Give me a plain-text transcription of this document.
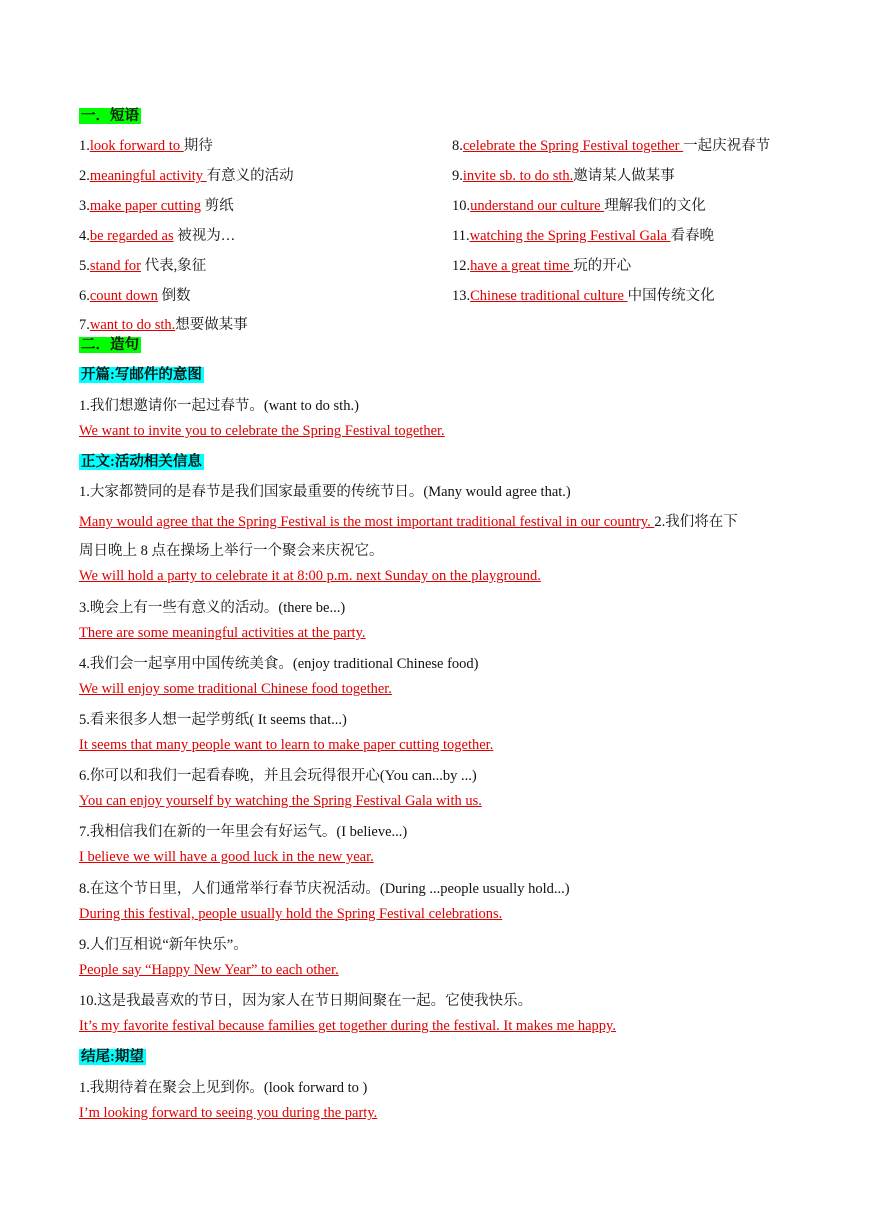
一．短语
1.look forward to 期待
2.meaningful activity 有意义的活动
3.make paper cutting 剪纸
4.be regarded as 被视为…
5.stand for 代表,象征
6.count down 倒数
7.want to do sth.想要做某事
8.celebrate the Spring Festival together 一起庆祝春节
9.invite sb. to do sth.邀请某人做某事
10.understand our culture 理解我们的文化
11.watching the Spring Festival Gala 看春晚
12.have a great time 玩的开心
13.Chinese traditional culture 中国传统文化
二．造句
开篇:写邮件的意图
1.我们想邀请你一起过春节。(want to do sth.)
We want to invite you to celebrate the Spring Festival together.
正文:活动相关信息
1.大家都赞同的是春节是我们国家最重要的传统节日。(Many would agree that.)
Many would agree that the Spring Festival is the most important traditional festival in our country. 2.我们将在下
周日晚上 8 点在操场上举行一个聚会来庆祝它。
We will hold a party to celebrate it at 8:00 p.m. next Sunday on the playground.
3.晚会上有一些有意义的活动。(there be...)
There are some meaningful activities at the party.
4.我们会一起享用中国传统美食。(enjoy traditional Chinese food)
We will enjoy some traditional Chinese food together.
5.看来很多人想一起学剪纸( It seems that...)
It seems that many people want to learn to make paper cutting together.
6.你可以和我们一起看春晚，并且会玩得很开心(You can...by ...)
You can enjoy yourself by watching the Spring Festival Gala with us.
7.我相信我们在新的一年里会有好运气。(I believe...)
I believe we will have a good luck in the new year.
8.在这个节日里，人们通常举行春节庆祝活动。(During ...people usually hold...)
During this festival, people usually hold the Spring Festival celebrations.
9.人们互相说“新年快乐”。
People say “Happy New Year” to each other.
10.这是我最喜欢的节日，因为家人在节日期间聚在一起。它使我快乐。
It’s my favorite festival because families get together during the festival. It makes me happy.
结尾:期望
1.我期待着在聚会上见到你。(look forward to )
I’m looking forward to seeing you during the party.
